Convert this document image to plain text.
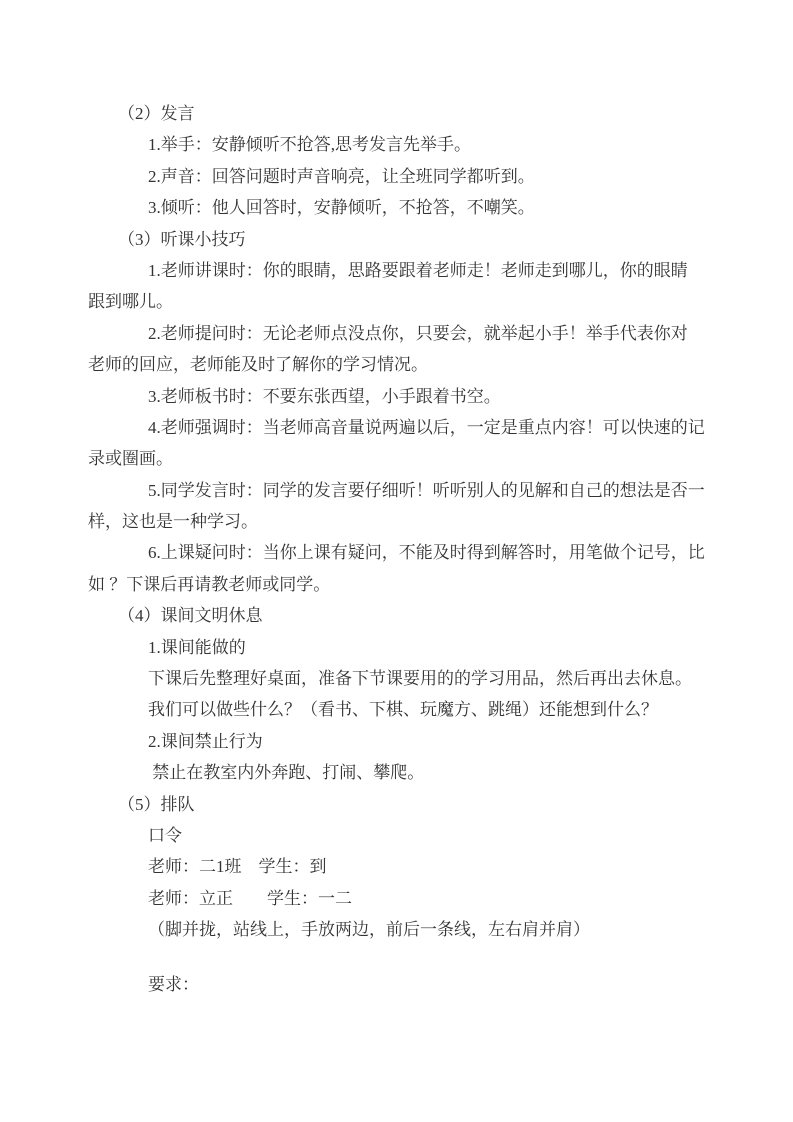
（2）发言
1.举手：安静倾听不抢答,思考发言先举手。
2.声音：回答问题时声音响亮，让全班同学都听到。
3.倾听：他人回答时，安静倾听，不抢答，不嘲笑。
（3）听课小技巧
1.老师讲课时：你的眼睛，思路要跟着老师走！老师走到哪儿，你的眼睛
跟到哪儿。
2.老师提问时：无论老师点没点你，只要会，就举起小手！举手代表你对
老师的回应，老师能及时了解你的学习情况。
3.老师板书时：不要东张西望，小手跟着书空。
4.老师强调时：当老师高音量说两遍以后，一定是重点内容！可以快速的记
录或圈画。
5.同学发言时：同学的发言要仔细听！听听别人的见解和自己的想法是否一
样，这也是一种学习。
6.上课疑问时：当你上课有疑问，不能及时得到解答时，用笔做个记号，比
如 ？下课后再请教老师或同学。
（4）课间文明休息
1.课间能做的
下课后先整理好桌面，准备下节课要用的的学习用品，然后再出去休息。
我们可以做些什么？（看书、下棋、玩魔方、跳绳）还能想到什么？
2.课间禁止行为
禁止在教室内外奔跑、打闹、攀爬。
（5）排队
口令
老师：二1班　学生：到
老师：立正　　学生：一二
（脚并拢，站线上，手放两边，前后一条线，左右肩并肩）
要求：
